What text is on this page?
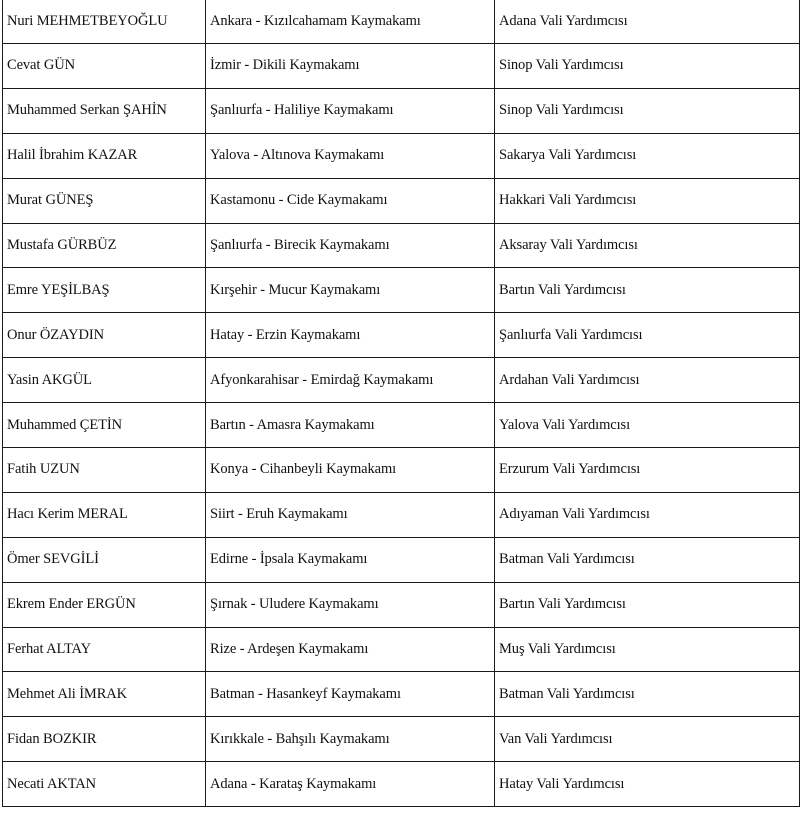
Nuri MEHMETBEYOĞLU	Ankara - Kızılcahamam Kaymakamı	Adana Vali Yardımcısı
Cevat GÜN	İzmir - Dikili Kaymakamı	Sinop Vali Yardımcısı
Muhammed Serkan ŞAHİN	Şanlıurfa - Haliliye Kaymakamı	Sinop Vali Yardımcısı
Halil İbrahim KAZAR	Yalova - Altınova Kaymakamı	Sakarya Vali Yardımcısı
Murat GÜNEŞ	Kastamonu - Cide Kaymakamı	Hakkari Vali Yardımcısı
Mustafa GÜRBÜZ	Şanlıurfa - Birecik Kaymakamı	Aksaray Vali Yardımcısı
Emre YEŞİLBAŞ	Kırşehir - Mucur Kaymakamı	Bartın Vali Yardımcısı
Onur ÖZAYDIN	Hatay - Erzin Kaymakamı	Şanlıurfa Vali Yardımcısı
Yasin AKGÜL	Afyonkarahisar - Emirdağ Kaymakamı	Ardahan Vali Yardımcısı
Muhammed ÇETİN	Bartın - Amasra Kaymakamı	Yalova Vali Yardımcısı
Fatih UZUN	Konya - Cihanbeyli Kaymakamı	Erzurum Vali Yardımcısı
Hacı Kerim MERAL	Siirt - Eruh Kaymakamı	Adıyaman Vali Yardımcısı
Ömer SEVGİLİ	Edirne - İpsala Kaymakamı	Batman Vali Yardımcısı
Ekrem Ender ERGÜN	Şırnak - Uludere Kaymakamı	Bartın Vali Yardımcısı
Ferhat ALTAY	Rize - Ardeşen Kaymakamı	Muş Vali Yardımcısı
Mehmet Ali İMRAK	Batman - Hasankeyf Kaymakamı	Batman Vali Yardımcısı
Fidan BOZKIR	Kırıkkale - Bahşılı Kaymakamı	Van Vali Yardımcısı
Necati AKTAN	Adana - Karataş Kaymakamı	Hatay Vali Yardımcısı
